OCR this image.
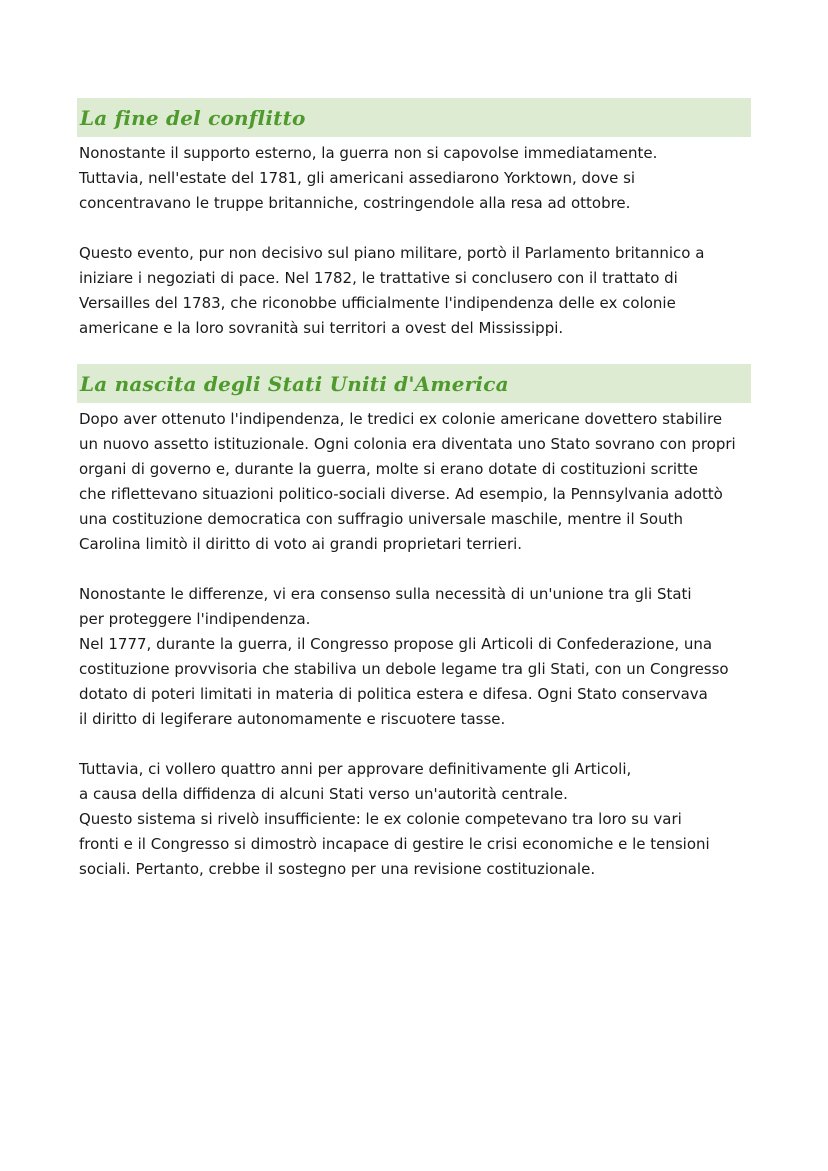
La fine del conflitto
Nonostante il supporto esterno, la guerra non si capovolse immediatamente.
Tuttavia, nell'estate del 1781, gli americani assediarono Yorktown, dove si
concentravano le truppe britanniche, costringendole alla resa ad ottobre.
Questo evento, pur non decisivo sul piano militare, portò il Parlamento britannico a
iniziare i negoziati di pace. Nel 1782, le trattative si conclusero con il trattato di
Versailles del 1783, che riconobbe ufficialmente l'indipendenza delle ex colonie
americane e la loro sovranità sui territori a ovest del Mississippi.
La nascita degli Stati Uniti d'America
Dopo aver ottenuto l'indipendenza, le tredici ex colonie americane dovettero stabilire
un nuovo assetto istituzionale. Ogni colonia era diventata uno Stato sovrano con propri
organi di governo e, durante la guerra, molte si erano dotate di costituzioni scritte
che riflettevano situazioni politico-sociali diverse. Ad esempio, la Pennsylvania adottò
una costituzione democratica con suffragio universale maschile, mentre il South
Carolina limitò il diritto di voto ai grandi proprietari terrieri.
Nonostante le differenze, vi era consenso sulla necessità di un'unione tra gli Stati
per proteggere l'indipendenza.
Nel 1777, durante la guerra, il Congresso propose gli Articoli di Confederazione, una
costituzione provvisoria che stabiliva un debole legame tra gli Stati, con un Congresso
dotato di poteri limitati in materia di politica estera e difesa. Ogni Stato conservava
il diritto di legiferare autonomamente e riscuotere tasse.
Tuttavia, ci vollero quattro anni per approvare definitivamente gli Articoli,
a causa della diffidenza di alcuni Stati verso un'autorità centrale.
Questo sistema si rivelò insufficiente: le ex colonie competevano tra loro su vari
fronti e il Congresso si dimostrò incapace di gestire le crisi economiche e le tensioni
sociali. Pertanto, crebbe il sostegno per una revisione costituzionale.
